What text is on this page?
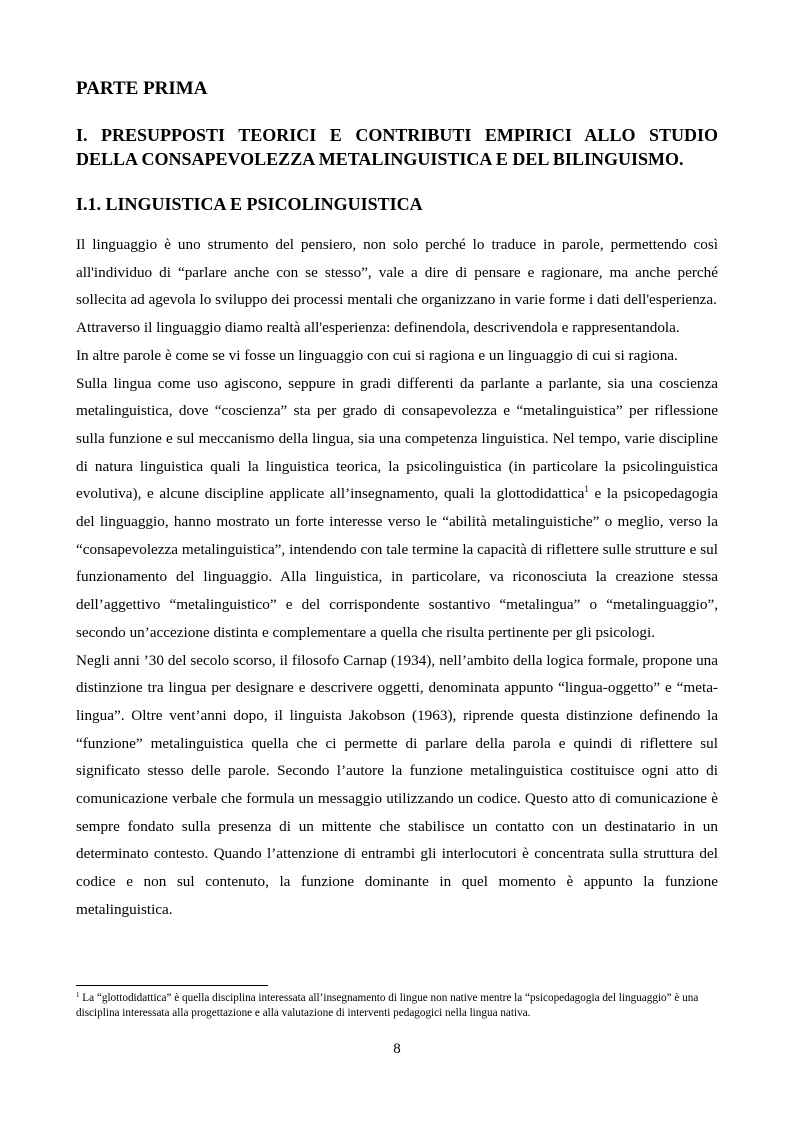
PARTE PRIMA
I. PRESUPPOSTI TEORICI E CONTRIBUTI EMPIRICI ALLO STUDIO DELLA CONSAPEVOLEZZA METALINGUISTICA E DEL BILINGUISMO.
I.1. LINGUISTICA E PSICOLINGUISTICA

Il linguaggio è uno strumento del pensiero, non solo perché lo traduce in parole, permettendo così all'individuo di “parlare anche con se stesso”, vale a dire di pensare e ragionare, ma anche perché sollecita ad agevola lo sviluppo dei processi mentali che organizzano in varie forme i dati dell'esperienza.

Attraverso il linguaggio diamo realtà all'esperienza: definendola, descrivendola e rappresentandola.

In altre parole è come se vi fosse un linguaggio con cui si ragiona e un linguaggio di cui si ragiona.

Sulla lingua come uso agiscono, seppure in gradi differenti da parlante a parlante, sia una coscienza metalinguistica, dove “coscienza” sta per grado di consapevolezza e “metalinguistica” per riflessione sulla funzione e sul meccanismo della lingua, sia una competenza linguistica. Nel tempo, varie discipline di natura linguistica quali la linguistica teorica, la psicolinguistica (in particolare la psicolinguistica evolutiva), e alcune discipline applicate all’insegnamento, quali la glottodidattica$^1$ e la psicopedagogia del linguaggio, hanno mostrato un forte interesse verso le “abilità metalinguistiche” o meglio, verso la “consapevolezza metalinguistica”, intendendo con tale termine la capacità di riflettere sulle strutture e sul funzionamento del linguaggio. Alla linguistica, in particolare, va riconosciuta la creazione stessa dell’aggettivo “metalinguistico” e del corrispondente sostantivo “metalingua” o “metalinguaggio”, secondo un’accezione distinta e complementare a quella che risulta pertinente per gli psicologi.

Negli anni ’30 del secolo scorso, il filosofo Carnap (1934), nell’ambito della logica formale, propone una distinzione tra lingua per designare e descrivere oggetti, denominata appunto “lingua-oggetto” e “meta-lingua”. Oltre vent’anni dopo, il linguista Jakobson (1963), riprende questa distinzione definendo la “funzione” metalinguistica quella che ci permette di parlare della parola e quindi di riflettere sul significato stesso delle parole. Secondo l’autore la funzione metalinguistica costituisce ogni atto di comunicazione verbale che formula un messaggio utilizzando un codice. Questo atto di comunicazione è sempre fondato sulla presenza di un mittente che stabilisce un contatto con un destinatario in un determinato contesto. Quando l’attenzione di entrambi gli interlocutori è concentrata sulla struttura del codice e non sul contenuto, la funzione dominante in quel momento è appunto la funzione metalinguistica.

$^1$ La “glottodidattica” è quella disciplina interessata all’insegnamento di lingue non native mentre la “psicopedagogia del linguaggio” è una disciplina interessata alla progettazione e alla valutazione di interventi pedagogici nella lingua nativa.
8
